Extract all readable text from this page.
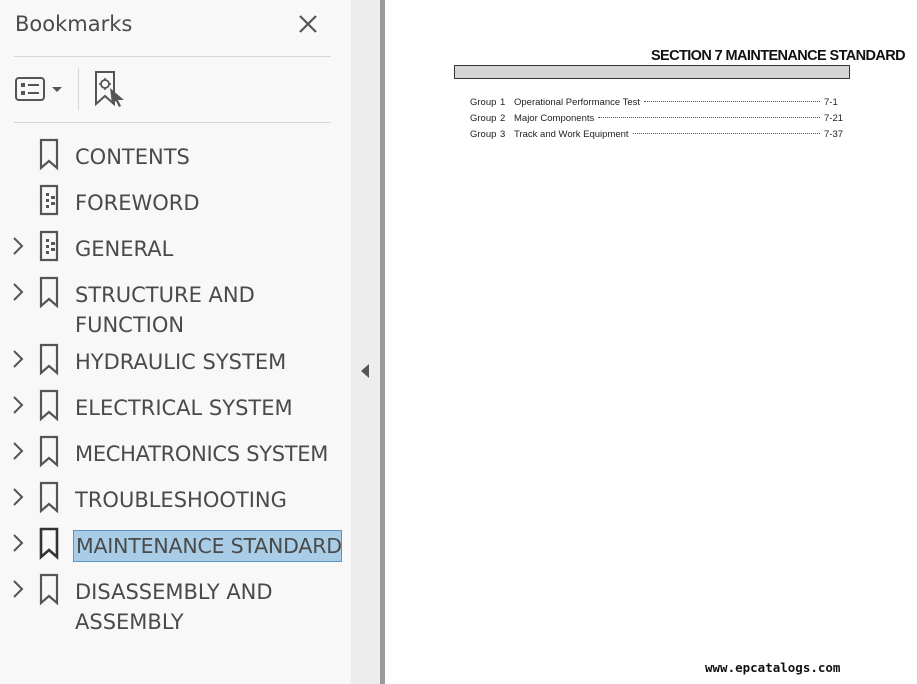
Bookmarks
CONTENTS
FOREWORD
GENERAL
STRUCTURE AND FUNCTION
HYDRAULIC SYSTEM
ELECTRICAL SYSTEM
MECHATRONICS SYSTEM
TROUBLESHOOTING
MAINTENANCE STANDARD
DISASSEMBLY AND ASSEMBLY
SECTION 7 MAINTENANCE STANDARD
Group 1 Operational Performance Test	7-1
Group 2 Major Components	7-21
Group 3 Track and Work Equipment	7-37
www.epcatalogs.com
